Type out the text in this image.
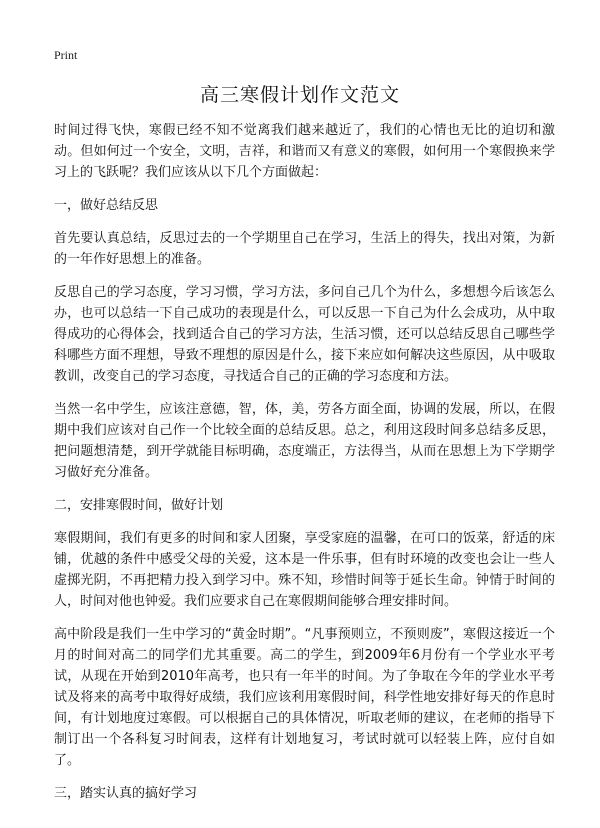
Print
高三寒假计划作文范文

时间过得飞快，寒假已经不知不觉离我们越来越近了，我们的心情也无比的迫切和激动。但如何过一个安全，文明，吉祥，和谐而又有意义的寒假，如何用一个寒假换来学习上的飞跃呢？我们应该从以下几个方面做起：

一，做好总结反思

首先要认真总结，反思过去的一个学期里自己在学习，生活上的得失，找出对策，为新的一年作好思想上的准备。

反思自己的学习态度，学习习惯，学习方法，多问自己几个为什么，多想想今后该怎么办，也可以总结一下自己成功的表现是什么，可以反思一下自己为什么会成功，从中取得成功的心得体会，找到适合自己的学习方法，生活习惯，还可以总结反思自己哪些学科哪些方面不理想，导致不理想的原因是什么，接下来应如何解决这些原因，从中吸取教训，改变自己的学习态度，寻找适合自己的正确的学习态度和方法。

当然一名中学生，应该注意德，智，体，美，劳各方面全面，协调的发展，所以，在假期中我们应该对自己作一个比较全面的总结反思。总之，利用这段时间多总结多反思，把问题想清楚，到开学就能目标明确，态度端正，方法得当，从而在思想上为下学期学习做好充分准备。

二，安排寒假时间，做好计划

寒假期间，我们有更多的时间和家人团聚，享受家庭的温馨，在可口的饭菜，舒适的床铺，优越的条件中感受父母的关爱，这本是一件乐事，但有时环境的改变也会让一些人虚掷光阴，不再把精力投入到学习中。殊不知，珍惜时间等于延长生命。钟情于时间的人，时间对他也钟爱。我们应要求自己在寒假期间能够合理安排时间。

高中阶段是我们一生中学习的“黄金时期”。“凡事预则立，不预则废”，寒假这接近一个月的时间对高二的同学们尤其重要。高二的学生，到2009年6月份有一个学业水平考试，从现在开始到2010年高考，也只有一年半的时间。为了争取在今年的学业水平考试及将来的高考中取得好成绩，我们应该利用寒假时间，科学性地安排好每天的作息时间，有计划地度过寒假。可以根据自己的具体情况，听取老师的建议，在老师的指导下制订出一个各科复习时间表，这样有计划地复习，考试时就可以轻装上阵，应付自如了。

三，踏实认真的搞好学习
